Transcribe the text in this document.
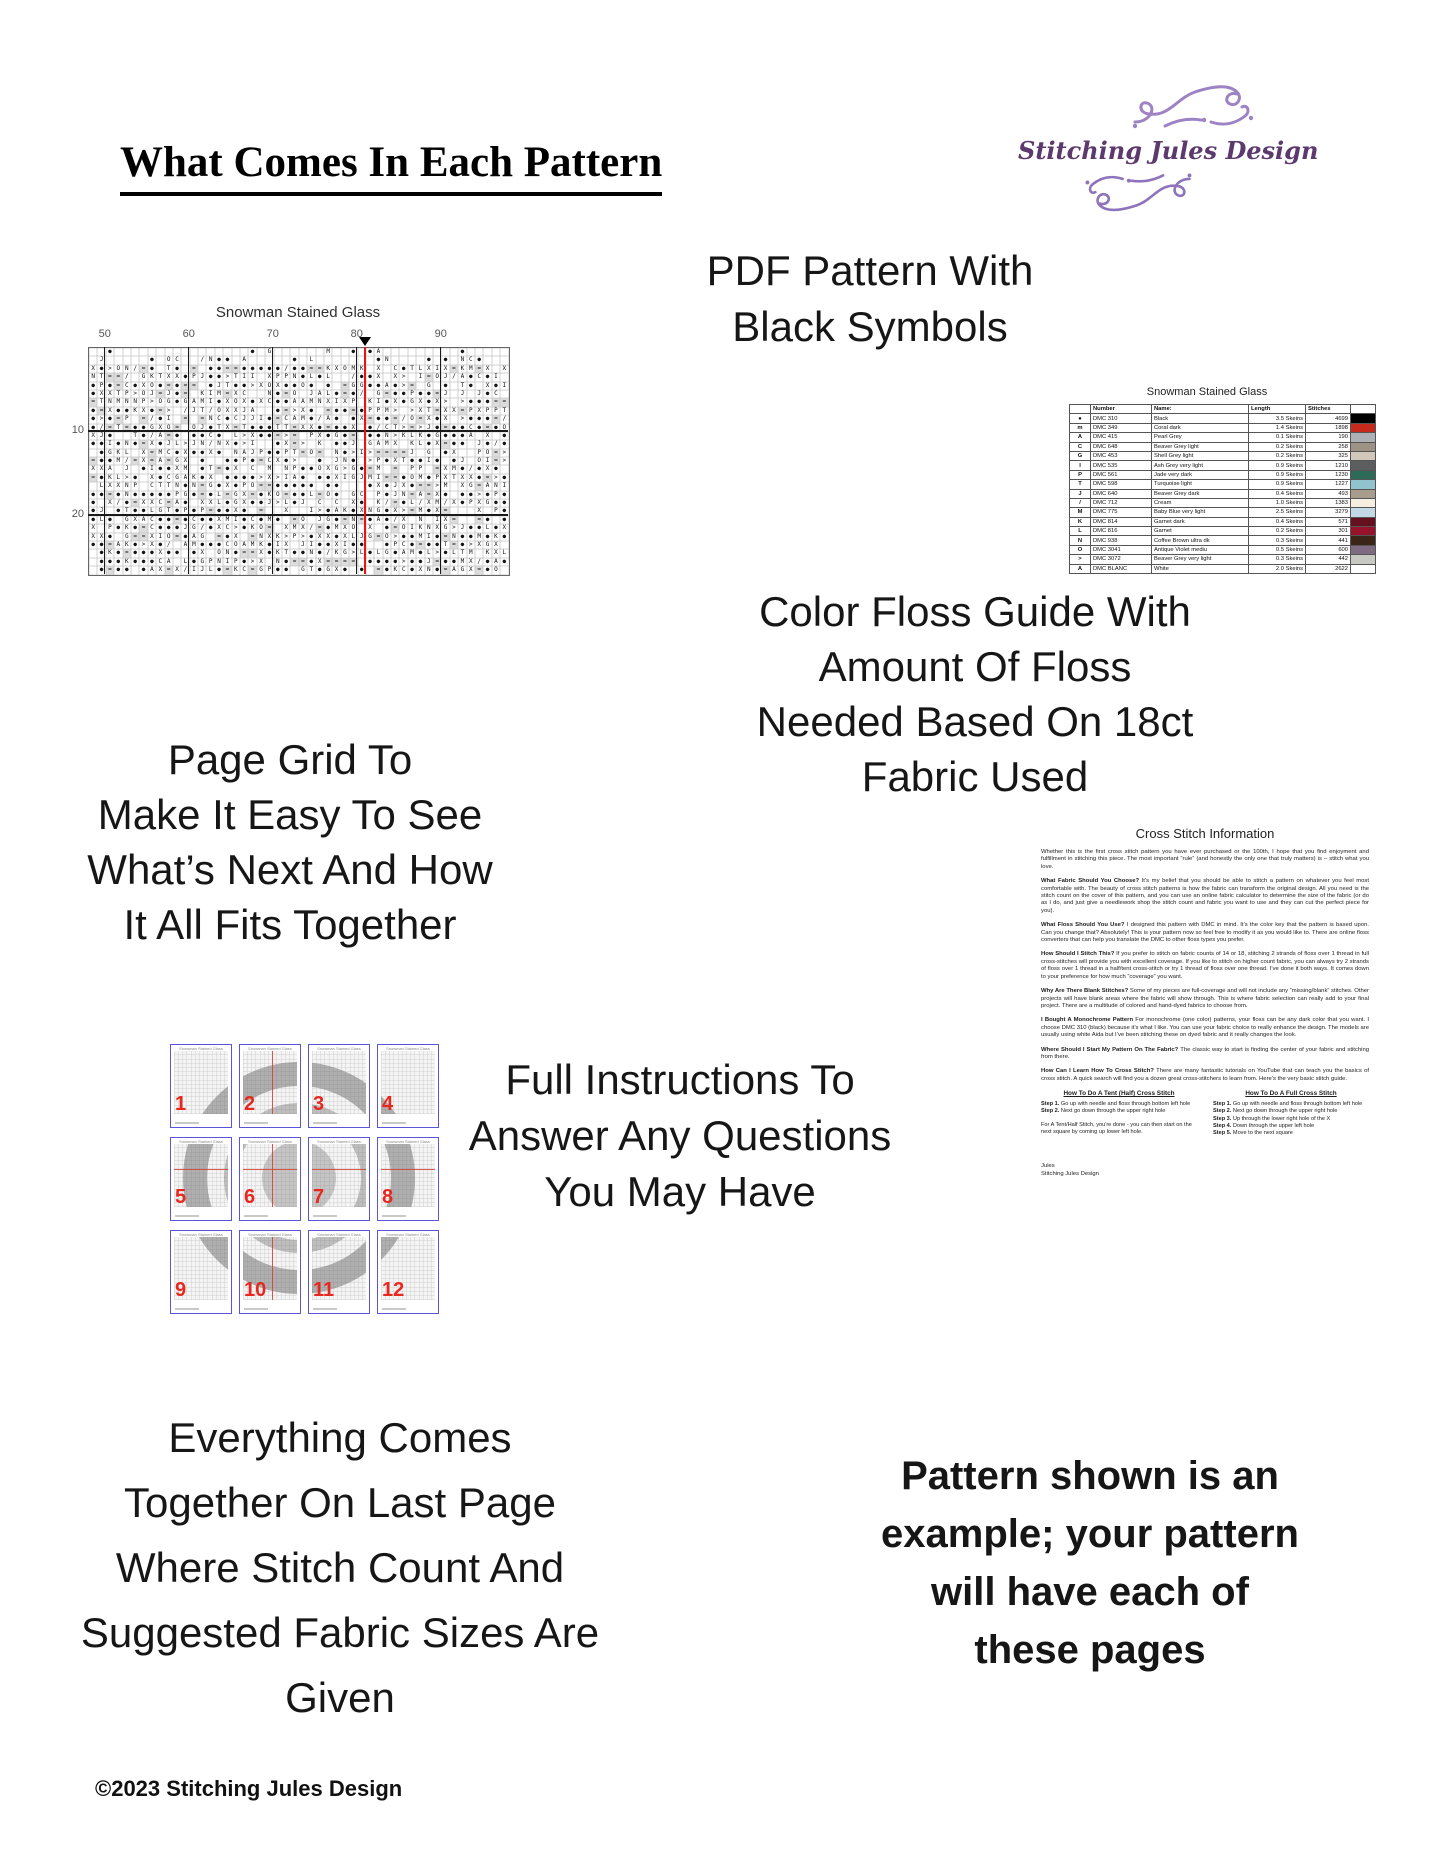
What Comes In Each Pattern	Stitching Jules Design
Snowman Stained Glass
●	●	G	M	●	● A	●
J	●	O C	/ N ● ●	A	●	L	● N	●	●	N C ●
X ● > O N / = ●	T ●	=	● ● = = ● ● ● ● ● / ● ● = = K X O M K	X	C ● T L X I X = K M = X	X
N T = = /	G K T X X ● P J ● ● > T I I	X P P N ● L ● L	/ ● ● X	X >	I = O J / A ● C ● I
● P ● = C ● X O ● = ● = =	● J T ● ● > X O X ● ● O ●	●	= G G ● ● A ● > =	G	●	T ●	X ● I
● X X T P > O J = J ● =	K I M = X C	N ● = O	J A L ● = ● /	G = ● ● P ● ● = J	J	J ● C
= T N M N N P > O G ● G A M I ● X O X ● X C ● ● A A M N X I X P	K I ● X ● G X ● X >	> ● ● ● = =
● = X ● ● K X ● = >	/ J T / O X X J A	● = > X ●	= ● ● = ● P P M >	> X T = X X = P X P P T
● > ● = P	= / ● I	=	= N C ● C J J I ● = C A M ● / A ●	● X = ● ● = / O = X ● X	> ● ● ● = /
● / = T = ● ● G X O =	O J ● T X = T ● ● ● T T = X X ● = ● ● X	● / C T > = > J ● = ● ● C ● = ● O
X J ●	T ● / A = ●	● ● C ●	L > X ● ● = > =	P X ● G ● =	● ● N > K L K ● G ● ● ● A	X	●
● ● I ● N ● = X ● J L > J N / N X ● > I	● X = >	K	● ● J	G A M X	K L ● X = ● ●	J ● / ●
● G K L	X = M C ● X ● ● X ●	N A J P ● ● P T = O =	N ● > I > = = = = J	G	● X	P O = >
= ● ● M / = X = A = G X	●	● ● P ● = C X ● >	●	J N ●	> P ● X T ● ● I ●	● J	O I = >
X X A	J	● I ● ● X M	● T = ● X	C	M	N P ● ● O X G > G ● = M	=	P P	= X M ● / ● X ●
= ● K L > ●	X ● C G A K ● X	● ● ● ● > X > I A ●	● ● X I G J M I = = ● O M ● P X T X X ● = > ●
L X X N P	C T T N ● N = G ● X ● P O = = ● ● ● ● ●	● ●	● X ● J X ● = = > M	X G = A N I
● ● = ● N ● ● ● ● ● P G ● = ● L = G X = ● K O = ● ● L = O ●	G C	P ● J N = A = X ●	● ● > ● P ●
●	X / ● = X X C = A ●	X X L ● G X ● ● J > L ● J	C	C	X ●	K / = ● L / X M / X ● P X G ● ●
● J	● T ● ● L G T ● P ● P = ● ● X ●	=	X	I > ● A K ● X N G ● X > = M ● X =	X	P ●
● L ●	G X A C ● ● = ● C ● ● X M I ● C ● M ●	= O	J G ● = N = ● A ● / X	N	I X =	= ●	●
X	P ● K ● = C ● ● ● J G / ● X C > ● K O =	X M X / = ● M X O	X	● = O I K N X G > J ● ● L ● X
X X ●	G = = X I O = ● A G	= ● X	= N X K > P > ● X X ● X L J G = O > ● ● M I ● = N ● ● M ● K ●
● ● = A K ● > X ● /	A M ● ● ● C O A M K ● I X	J I ● ● X I ● ●	● P C ● = ● ● T = ● > X G X
● K ● = ● ● ● X ● ●	● X	O N ● = = X ● K T ● ● N ● / K G > L ● L G ● A M ● L > ● L T M	K X L
● ● ● K ● ● ● C A	L ● G P N I P ● > X	N ● = = ● X = = = =	● ● ● ● > ● ● J = ● ● M X / ● A ●
● = ● ●	● A X = X / I J L ● = K C = G P ● ●	G T ● G X ●	●	= ● K C ● X N ● = A G X = ● O
50	60	70	80	90
10
20
PDF Pattern With
Black Symbols
Color Floss Guide With
Amount Of Floss
Needed Based On 18ct
Fabric Used
Page Grid To
Make It Easy To See
What’s Next And How
It All Fits Together
Full Instructions To
Answer Any Questions
You May Have
Everything Comes
Together On Last Page
Where Stitch Count And
Suggested Fabric Sizes Are
Given
Pattern shown is an
example; your pattern
will have each of
these pages
©2023 Stitching Jules Design
Snowman Stained Glass
	Number	Name:	Length	Stitches	
●	DMC 310	Black	3.5 Skeins	4699	
m	DMC 349	Coral dark	1.4 Skeins	1898	
A	DMC 415	Pearl Grey	0.1 Skeins	190	
C	DMC 648	Beaver Grey light	0.2 Skeins	258	
G	DMC 453	Shell Grey light	0.2 Skeins	325	
I	DMC 535	Ash Grey very light	0.9 Skeins	1210	
P	DMC 561	Jade very dark	0.9 Skeins	1230	
T	DMC 598	Turquoise light	0.9 Skeins	1227	
J	DMC 640	Beaver Grey dark	0.4 Skeins	493	
/	DMC 712	Cream	1.0 Skeins	1383	
M	DMC 775	Baby Blue very light	2.5 Skeins	3279	
K	DMC 814	Garnet dark	0.4 Skeins	571	
L	DMC 816	Garnet	0.2 Skeins	301	
N	DMC 938	Coffee Brown ultra dk	0.3 Skeins	441	
O	DMC 3041	Antique Violet mediu	0.5 Skeins	600	
>	DMC 3072	Beaver Grey very light	0.3 Skeins	442	
A	DMC BLANC	White	2.0 Skeins	2622	
Snowman Stained Glass
1
Snowman Stained Glass
2
Snowman Stained Glass
3
Snowman Stained Glass
4
Snowman Stained Glass
5
Snowman Stained Glass
6
Snowman Stained Glass
7
Snowman Stained Glass
8
Snowman Stained Glass
9
Snowman Stained Glass
10
Snowman Stained Glass
11
Snowman Stained Glass
12
Cross Stitch Information

Whether this is the first cross stitch pattern you have ever purchased or the 100th, I hope that you find enjoyment and fulfillment in stitching this piece. The most important “rule” (and honestly the only one that truly matters) is – stitch what you love.

What Fabric Should You Choose? It’s my belief that you should be able to stitch a pattern on whatever you feel most comfortable with. The beauty of cross stitch patterns is how the fabric can transform the original design. All you need is the stitch count on the cover of this pattern, and you can use an online fabric calculator to determine the size of the fabric (or do as I do, and just give a needlework shop the stitch count and fabric you want to use and they can cut the perfect piece for you).

What Floss Should You Use? I designed this pattern with DMC in mind. It’s the color key that the pattern is based upon. Can you change that? Absolutely! This is your pattern now so feel free to modify it as you would like to. There are online floss converters that can help you translate the DMC to other floss types you prefer.

How Should I Stitch This? If you prefer to stitch on fabric counts of 14 or 18, stitching 2 strands of floss over 1 thread in full cross-stitches will provide you with excellent coverage. If you like to stitch on higher count fabric, you can always try 2 strands of floss over 1 thread in a half/tent cross-stitch or try 1 thread of floss over one thread. I’ve done it both ways. It comes down to your preference for how much “coverage” you want.

Why Are There Blank Stitches? Some of my pieces are full-coverage and will not include any “missing/blank” stitches. Other projects will have blank areas where the fabric will show through. This is where fabric selection can really add to your final project. There are a multitude of colored and hand-dyed fabrics to choose from.

I Bought A Monochrome Pattern For monochrome (one color) patterns, your floss can be any dark color that you want. I choose DMC 310 (black) because it’s what I like. You can use your fabric choice to really enhance the design. The models are usually using white Aida but I’ve been stitching these on dyed fabric and it really changes the look.

Where Should I Start My Pattern On The Fabric? The classic way to start is finding the center of your fabric and stitching from there.

How Can I Learn How To Cross Stitch? There are many fantastic tutorials on YouTube that can teach you the basics of cross stitch. A quick search will find you a dozen great cross-stitchers to learn from. Here’s the very basic stitch guide.

How To Do A Tent (Half) Cross Stitch
Step 1. Go up with needle and floss through bottom left hole
Step 2. Next go down through the upper right hole
For A Tent/Half Stitch, you're done - you can then start on the next square by coming up lower left hole.
How To Do A Full Cross Stitch
Step 1. Go up with needle and floss through bottom left hole
Step 2. Next go down through the upper right hole
Step 3. Up through the lower right hole of the X
Step 4. Down through the upper left hole
Step 5. Move to the next square
Jules
Stitching Jules Design
